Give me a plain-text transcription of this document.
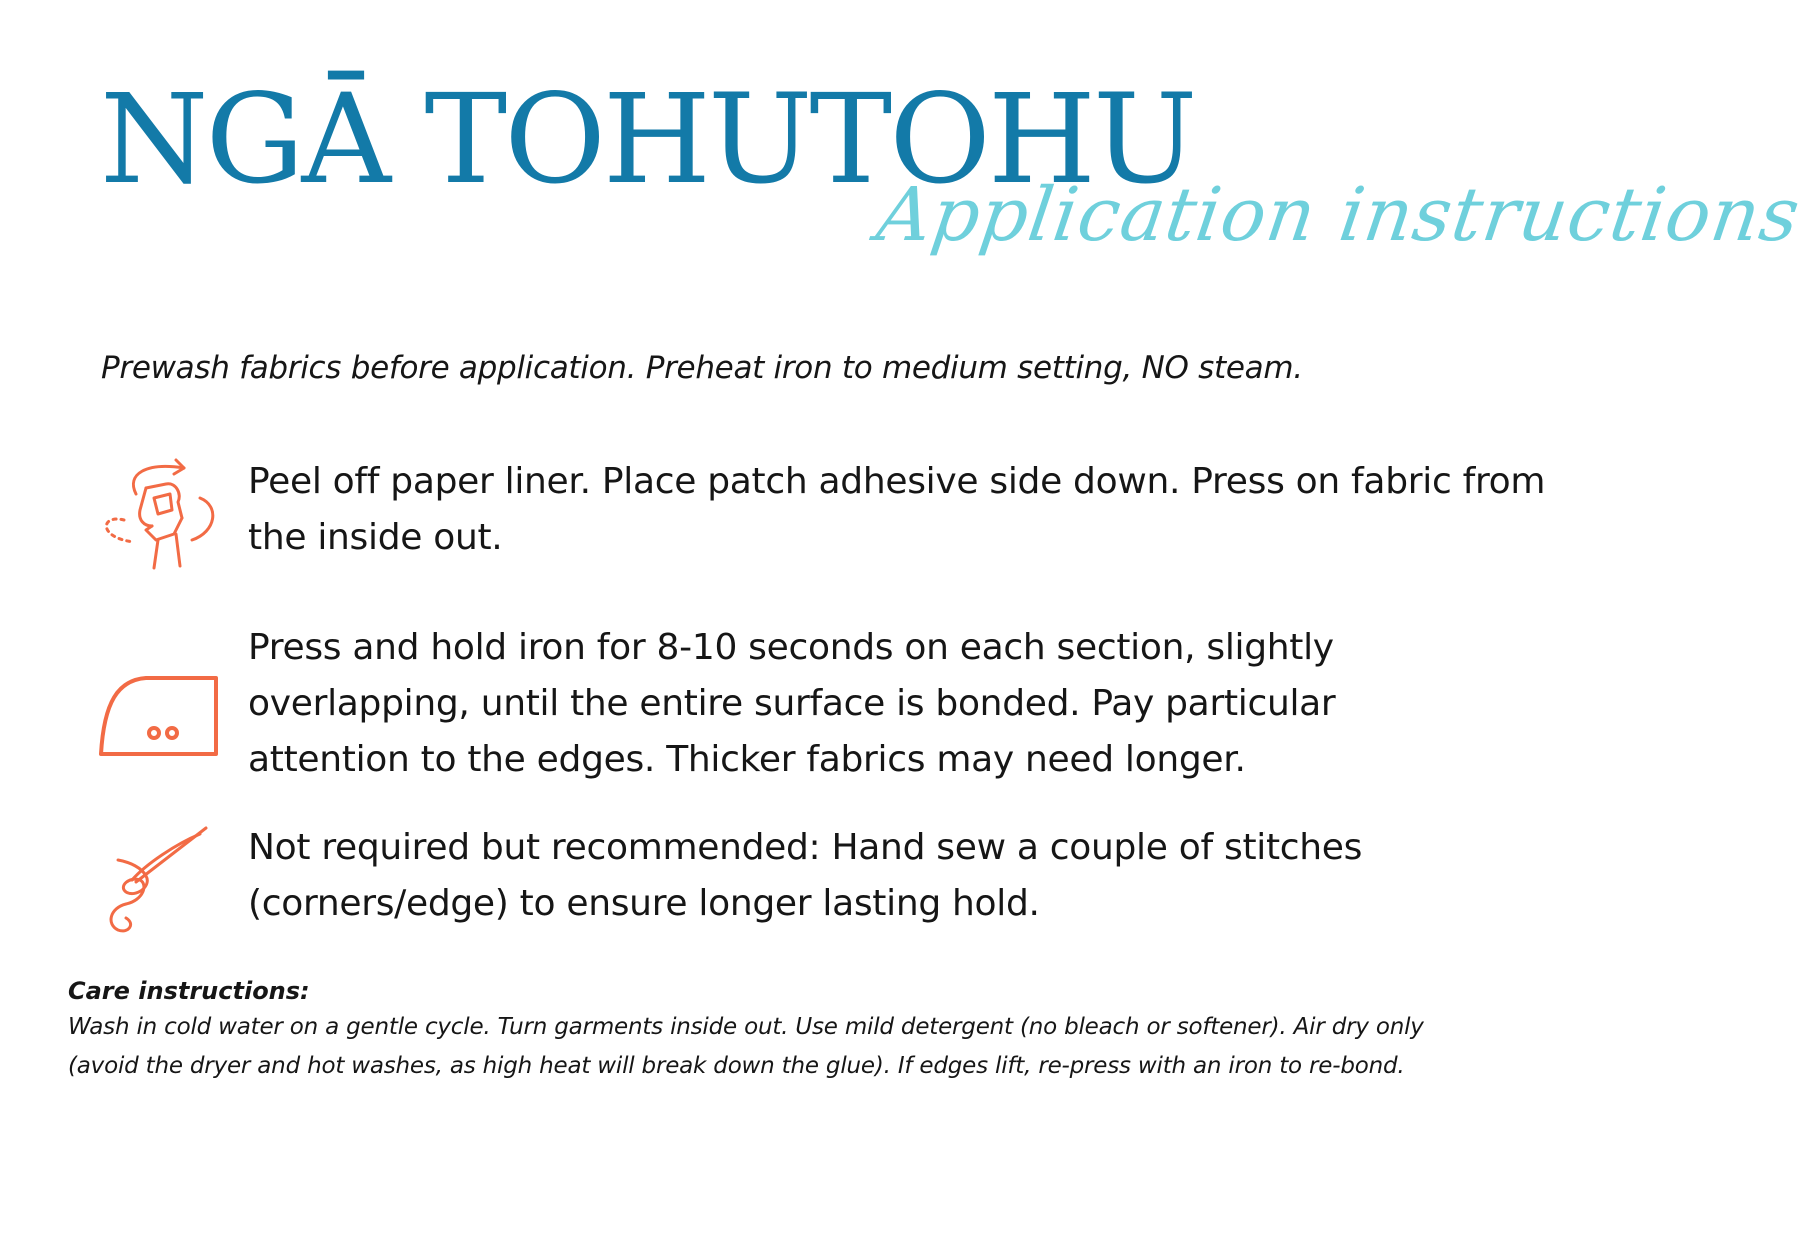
NGĀ TOHUTOHU
Application instructions

Prewash fabrics before application. Preheat iron to medium setting, NO steam.

Peel off paper liner. Place patch adhesive side down. Press on fabric from the inside out.

Press and hold iron for 8-10 seconds on each section, slightly overlapping, until the entire surface is bonded. Pay particular attention to the edges. Thicker fabrics may need longer.

Not required but recommended: Hand sew a couple of stitches (corners/edge) to ensure longer lasting hold.

Care instructions:

Wash in cold water on a gentle cycle. Turn garments inside out. Use mild detergent (no bleach or softener). Air dry only (avoid the dryer and hot washes, as high heat will break down the glue). If edges lift, re-press with an iron to re-bond.
